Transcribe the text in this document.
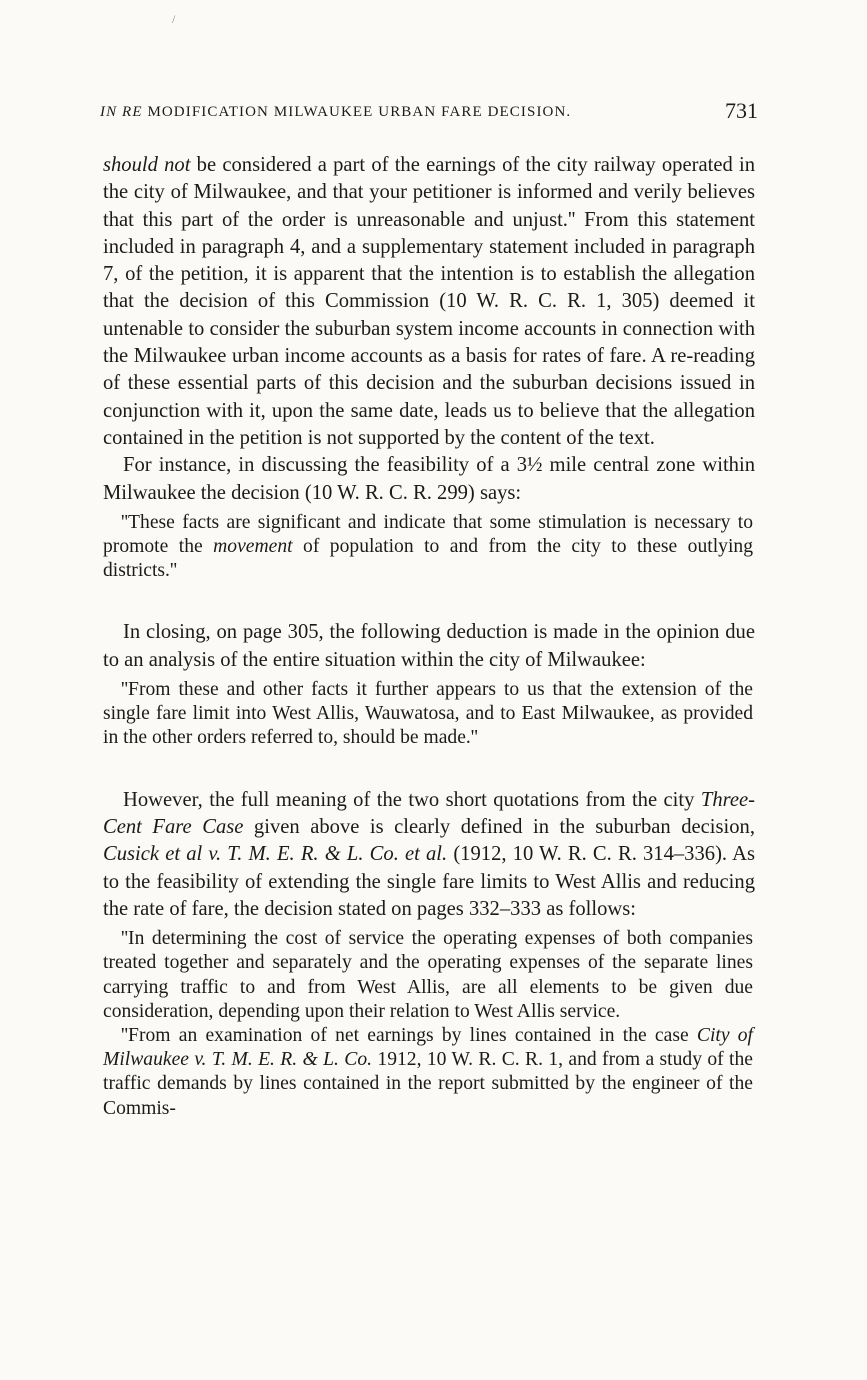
/
IN RE MODIFICATION MILWAUKEE URBAN FARE DECISION.	731

should not be considered a part of the earnings of the city railway operated in the city of Milwaukee, and that your petitioner is informed and verily believes that this part of the order is unreasonable and unjust.'' From this statement included in paragraph 4, and a supplementary statement included in paragraph 7, of the petition, it is apparent that the intention is to establish the allegation that the decision of this Commission (10 W. R. C. R. 1, 305) deemed it untenable to consider the suburban system income accounts in connection with the Milwaukee urban income accounts as a basis for rates of fare. A re-reading of these essential parts of this decision and the suburban decisions issued in conjunction with it, upon the same date, leads us to believe that the allegation contained in the petition is not supported by the content of the text.

For instance, in discussing the feasibility of a 3½ mile central zone within Milwaukee the decision (10 W. R. C. R. 299) says:

''These facts are significant and indicate that some stimulation is necessary to promote the movement of population to and from the city to these outlying districts.''

In closing, on page 305, the following deduction is made in the opinion due to an analysis of the entire situation within the city of Milwaukee:

''From these and other facts it further appears to us that the extension of the single fare limit into West Allis, Wauwatosa, and to East Milwaukee, as provided in the other orders referred to, should be made.''

However, the full meaning of the two short quotations from the city Three-Cent Fare Case given above is clearly defined in the suburban decision, Cusick et al v. T. M. E. R. & L. Co. et al. (1912, 10 W. R. C. R. 314–336). As to the feasibility of extending the single fare limits to West Allis and reducing the rate of fare, the decision stated on pages 332–333 as follows:

''In determining the cost of service the operating expenses of both companies treated together and separately and the operating expenses of the separate lines carrying traffic to and from West Allis, are all elements to be given due consideration, depending upon their relation to West Allis service.

''From an examination of net earnings by lines contained in the case City of Milwaukee v. T. M. E. R. & L. Co. 1912, 10 W. R. C. R. 1, and from a study of the traffic demands by lines contained in the report submitted by the engineer of the Commis-
